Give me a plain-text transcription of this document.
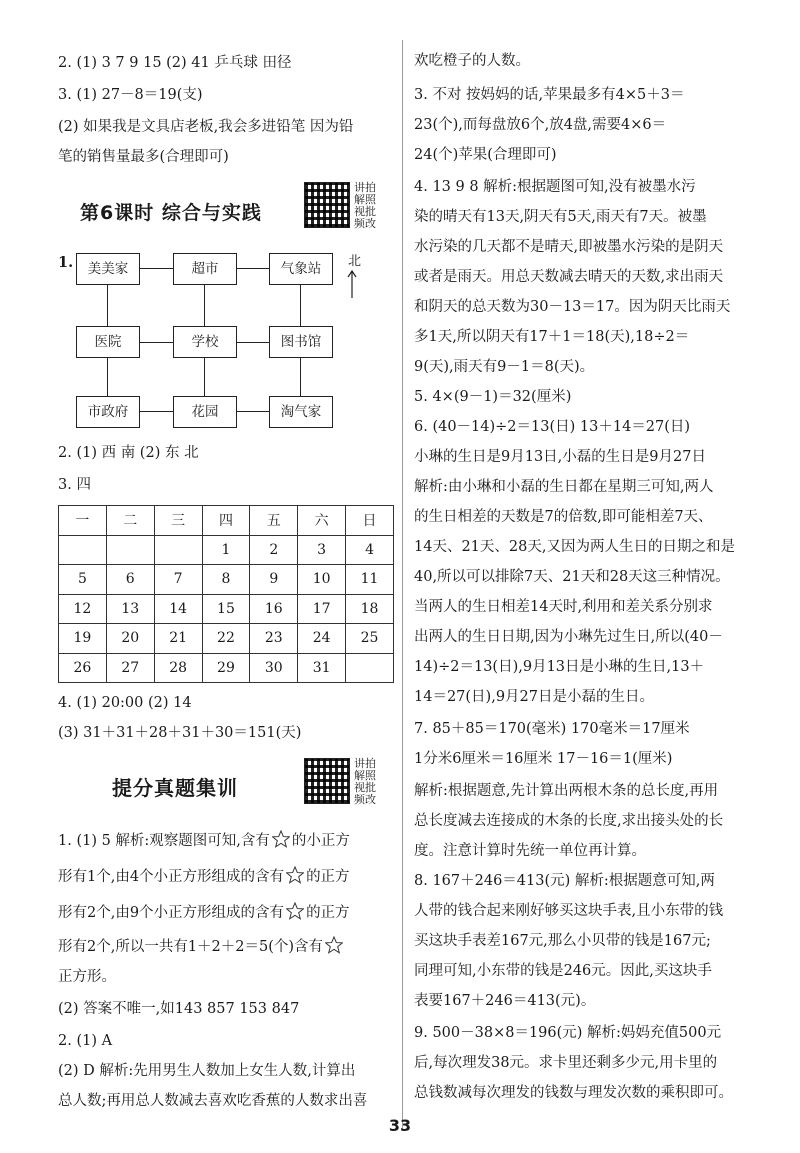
2. (1) 3 7 9 15 (2) 41 乒乓球 田径

3. (1) 27－8＝19(支)

(2) 如果我是文具店老板,我会多进铅笔 因为铅

笔的销售量最多(合理即可)

第6课时 综合与实践
讲拍解照视批频改

1.	美美家	超市	气象站
医院	学校	图书馆
市政府	花园	淘气家
北

2. (1) 西 南 (2) 东 北

3. 四

一	二	三	四	五	六	日
			1	2	3	4
5	6	7	8	9	10	11
12	13	14	15	16	17	18
19	20	21	22	23	24	25
26	27	28	29	30	31	

4. (1) 20:00 (2) 14

(3) 31＋31＋28＋31＋30＝151(天)

提分真题集训
讲拍解照视批频改

1. (1) 5 解析:观察题图可知,含有 的小正方

形有1个,由4个小正方形组成的含有 的正方

形有2个,由9个小正方形组成的含有 的正方

形有2个,所以一共有1＋2＋2＝5(个)含有

正方形。

(2) 答案不唯一,如143 857 153 847

2. (1) A

(2) D 解析:先用男生人数加上女生人数,计算出

总人数;再用总人数减去喜欢吃香蕉的人数求出喜

欢吃橙子的人数。

3. 不对 按妈妈的话,苹果最多有4×5＋3＝

23(个),而每盘放6个,放4盘,需要4×6＝

24(个)苹果(合理即可)

4. 13 9 8 解析:根据题图可知,没有被墨水污

染的晴天有13天,阴天有5天,雨天有7天。被墨

水污染的几天都不是晴天,即被墨水污染的是阴天

或者是雨天。用总天数减去晴天的天数,求出雨天

和阴天的总天数为30－13＝17。因为阴天比雨天

多1天,所以阴天有17＋1＝18(天),18÷2＝

9(天),雨天有9－1＝8(天)。

5. 4×(9－1)＝32(厘米)

6. (40－14)÷2＝13(日) 13＋14＝27(日)

小琳的生日是9月13日,小磊的生日是9月27日

解析:由小琳和小磊的生日都在星期三可知,两人

的生日相差的天数是7的倍数,即可能相差7天、

14天、21天、28天,又因为两人生日的日期之和是

40,所以可以排除7天、21天和28天这三种情况。

当两人的生日相差14天时,利用和差关系分别求

出两人的生日日期,因为小琳先过生日,所以(40－

14)÷2＝13(日),9月13日是小琳的生日,13＋

14＝27(日),9月27日是小磊的生日。

7. 85＋85＝170(毫米) 170毫米＝17厘米

1分米6厘米＝16厘米 17－16＝1(厘米)

解析:根据题意,先计算出两根木条的总长度,再用

总长度减去连接成的木条的长度,求出接头处的长

度。注意计算时先统一单位再计算。

8. 167＋246＝413(元) 解析:根据题意可知,两

人带的钱合起来刚好够买这块手表,且小东带的钱

买这块手表差167元,那么小贝带的钱是167元;

同理可知,小东带的钱是246元。因此,买这块手

表要167＋246＝413(元)。

9. 500－38×8＝196(元) 解析:妈妈充值500元

后,每次理发38元。求卡里还剩多少元,用卡里的

总钱数减每次理发的钱数与理发次数的乘积即可。

33
